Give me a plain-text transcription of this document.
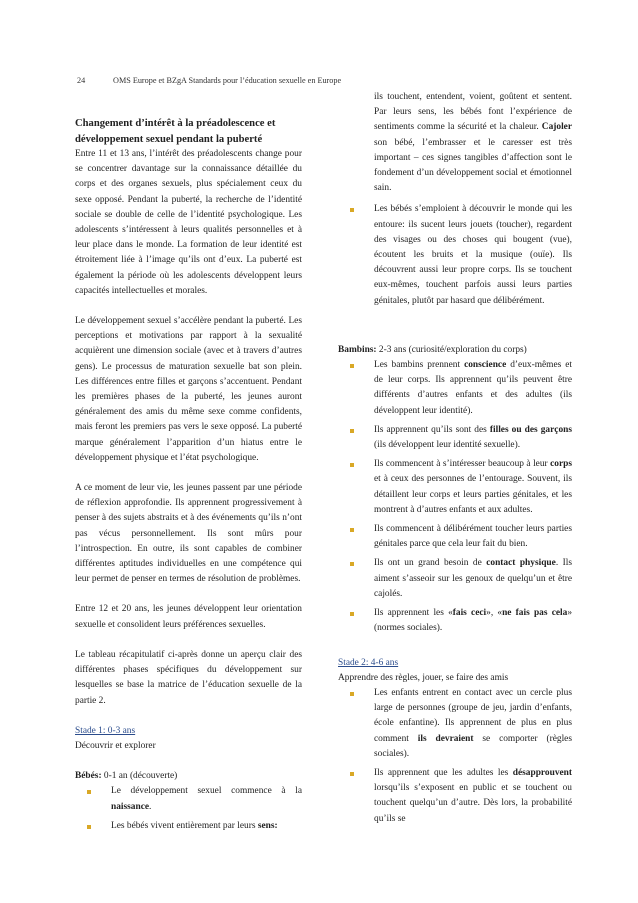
24	OMS Europe et BZgA Standards pour l’éducation sexuelle en Europe
Changement d’intérêt à la préadolescence et développement sexuel pendant la puberté

Entre 11 et 13 ans, l’intérêt des préadolescents change pour se concentrer davantage sur la connaissance détaillée du corps et des organes sexuels, plus spécialement ceux du sexe opposé. Pendant la puberté, la recherche de l’identité sociale se double de celle de l’identité psychologique. Les adolescents s’intéressent à leurs qualités personnelles et à leur place dans le monde. La formation de leur identité est étroitement liée à l’image qu’ils ont d’eux. La puberté est également la période où les adolescents développent leurs capacités intellectuelles et morales.

Le développement sexuel s’accélère pendant la puberté. Les perceptions et motivations par rapport à la sexualité acquièrent une dimension sociale (avec et à travers d’autres gens). Le processus de maturation sexuelle bat son plein. Les différences entre filles et garçons s’accentuent. Pendant les premières phases de la puberté, les jeunes auront généralement des amis du même sexe comme confidents, mais feront les premiers pas vers le sexe opposé. La puberté marque généralement l’apparition d’un hiatus entre le développement physique et l’état psychologique.

A ce moment de leur vie, les jeunes passent par une période de réflexion approfondie. Ils apprennent progressivement à penser à des sujets abstraits et à des événements qu’ils n’ont pas vécus personnellement. Ils sont mûrs pour l’introspection. En outre, ils sont capables de combiner différentes aptitudes individuelles en une compétence qui leur permet de penser en termes de résolution de problèmes.

Entre 12 et 20 ans, les jeunes développent leur orientation sexuelle et consolident leurs préférences sexuelles.

Le tableau récapitulatif ci-après donne un aperçu clair des différentes phases spécifiques du développement sur lesquelles se base la matrice de l’éducation sexuelle de la partie 2.

Stade 1: 0-3 ans

Découvrir et explorer

Bébés: 0-1 an (découverte)

Le développement sexuel commence à la naissance.
Les bébés vivent entièrement par leurs sens:

ils touchent, entendent, voient, goûtent et sentent. Par leurs sens, les bébés font l’expérience de sentiments comme la sécurité et la chaleur. Cajoler son bébé, l’embrasser et le caresser est très important – ces signes tangibles d’affection sont le fondement d’un développement social et émotionnel sain.

Les bébés s’emploient à découvrir le monde qui les entoure: ils sucent leurs jouets (toucher), regardent des visages ou des choses qui bougent (vue), écoutent les bruits et la musique (ouïe). Ils découvrent aussi leur propre corps. Ils se touchent eux-mêmes, touchent parfois aussi leurs parties génitales, plutôt par hasard que délibérément.

Bambins: 2-3 ans (curiosité/exploration du corps)

Les bambins prennent conscience d’eux-mêmes et de leur corps. Ils apprennent qu’ils peuvent être différents d’autres enfants et des adultes (ils développent leur identité).
Ils apprennent qu’ils sont des filles ou des garçons (ils développent leur identité sexuelle).
Ils commencent à s’intéresser beaucoup à leur corps et à ceux des personnes de l’entourage. Souvent, ils détaillent leur corps et leurs parties génitales, et les montrent à d’autres enfants et aux adultes.
Ils commencent à délibérément toucher leurs parties génitales parce que cela leur fait du bien.
Ils ont un grand besoin de contact physique. Ils aiment s’asseoir sur les genoux de quelqu’un et être cajolés.
Ils apprennent les «fais ceci», «ne fais pas cela» (normes sociales).
Stade 2: 4-6 ans

Apprendre des règles, jouer, se faire des amis

Les enfants entrent en contact avec un cercle plus large de personnes (groupe de jeu, jardin d’enfants, école enfantine). Ils apprennent de plus en plus comment ils devraient se comporter (règles sociales).
Ils apprennent que les adultes les désapprouvent lorsqu’ils s’exposent en public et se touchent ou touchent quelqu’un d’autre. Dès lors, la probabilité qu’ils se
